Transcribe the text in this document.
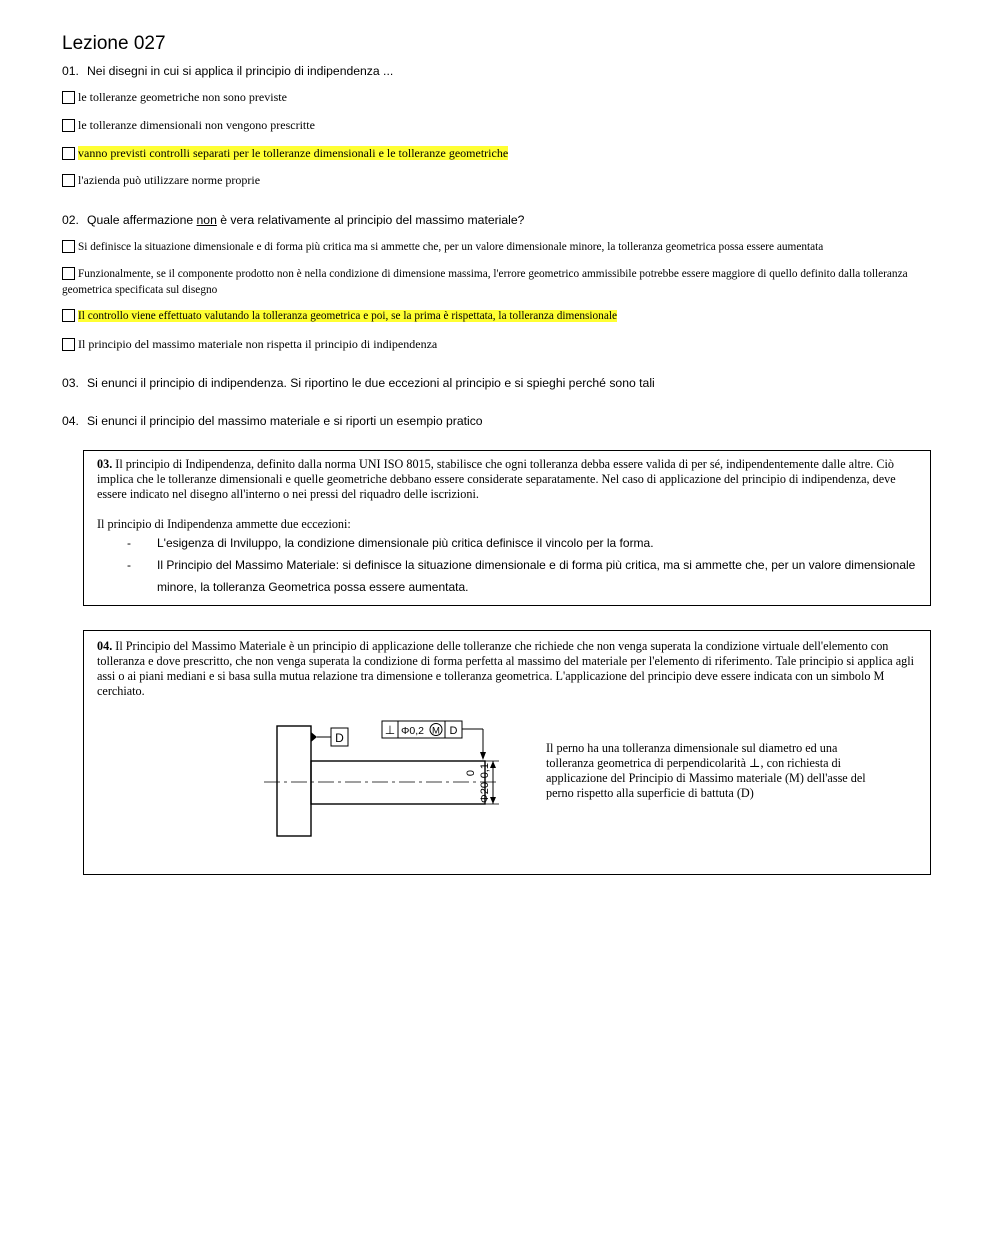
Lezione 027
01. Nei disegni in cui si applica il principio di indipendenza ...
le tolleranze geometriche non sono previste
le tolleranze dimensionali non vengono prescritte
vanno previsti controlli separati per le tolleranze dimensionali e le tolleranze geometriche
l'azienda può utilizzare norme proprie
02. Quale affermazione non è vera relativamente al principio del massimo materiale?
Si definisce la situazione dimensionale e di forma più critica ma si ammette che, per un valore dimensionale minore, la tolleranza geometrica possa essere aumentata
Funzionalmente, se il componente prodotto non è nella condizione di dimensione massima, l'errore geometrico ammissibile potrebbe essere maggiore di quello definito dalla tolleranza geometrica specificata sul disegno
Il controllo viene effettuato valutando la tolleranza geometrica e poi, se la prima è rispettata, la tolleranza dimensionale
Il principio del massimo materiale non rispetta il principio di indipendenza
03. Si enunci il principio di indipendenza. Si riportino le due eccezioni al principio e si spieghi perché sono tali
04. Si enunci il principio del massimo materiale e si riporti un esempio pratico

03. Il principio di Indipendenza, definito dalla norma UNI ISO 8015, stabilisce che ogni tolleranza debba essere valida di per sé, indipendentemente dalle altre. Ciò implica che le tolleranze dimensionali e quelle geometriche debbano essere considerate separatamente. Nel caso di applicazione del principio di indipendenza, deve essere indicato nel disegno all'interno o nei pressi del riquadro delle iscrizioni.

Il principio di Indipendenza ammette due eccezioni:

- L'esigenza di Inviluppo, la condizione dimensionale più critica definisce il vincolo per la forma.
- Il Principio del Massimo Materiale: si definisce la situazione dimensionale e di forma più critica, ma si ammette che, per un valore dimensionale minore, la tolleranza Geometrica possa essere aumentata.

04. Il Principio del Massimo Materiale è un principio di applicazione delle tolleranze che richiede che non venga superata la condizione virtuale dell'elemento con tolleranza e dove prescritto, che non venga superata la condizione di forma perfetta al massimo del materiale per l'elemento di riferimento. Tale principio si applica agli assi o ai piani mediani e si basa sulla mutua relazione tra dimensione e tolleranza geometrica. L'applicazione del principio deve essere indicata con un simbolo M cerchiato.

D
⊥ Φ0,2 M D
0 Φ20-0,1
Il perno ha una tolleranza dimensionale sul diametro ed una tolleranza geometrica di perpendicolarità ⊥, con richiesta di applicazione del Principio di Massimo materiale (M) dell'asse del perno rispetto alla superficie di battuta (D)
